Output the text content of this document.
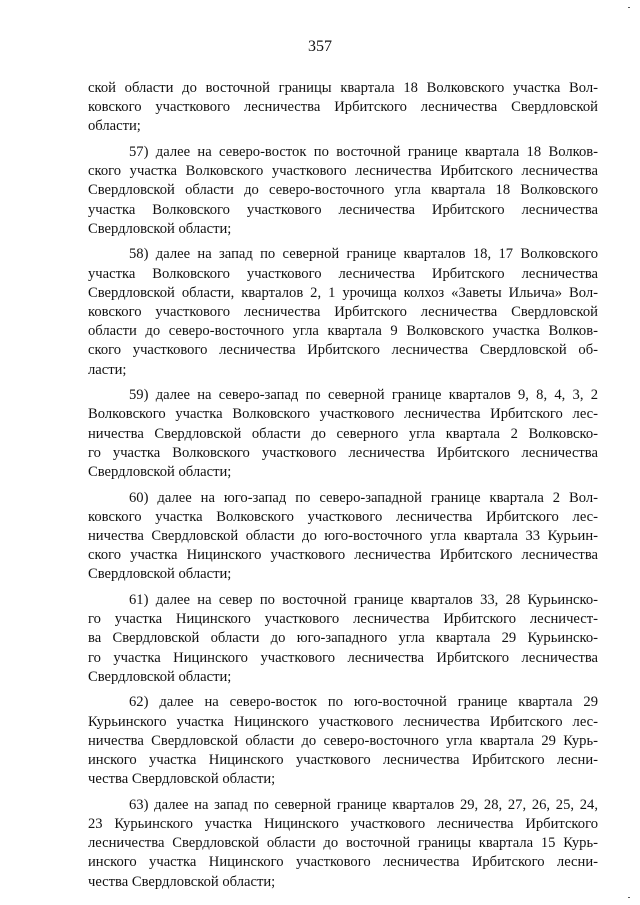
357
ской области до восточной границы квартала 18 Волковского участка Вол-
ковского участкового лесничества Ирбитского лесничества Свердловской
области;
57) далее на северо-восток по восточной границе квартала 18 Волков-
ского участка Волковского участкового лесничества Ирбитского лесничества
Свердловской области до северо-восточного угла квартала 18 Волковского
участка Волковского участкового лесничества Ирбитского лесничества
Свердловской области;
58) далее на запад по северной границе кварталов 18, 17 Волковского
участка Волковского участкового лесничества Ирбитского лесничества
Свердловской области, кварталов 2, 1 урочища колхоз «Заветы Ильича» Вол-
ковского участкового лесничества Ирбитского лесничества Свердловской
области до северо-восточного угла квартала 9 Волковского участка Волков-
ского участкового лесничества Ирбитского лесничества Свердловской об-
ласти;
59) далее на северо-запад по северной границе кварталов 9, 8, 4, 3, 2
Волковского участка Волковского участкового лесничества Ирбитского лес-
ничества Свердловской области до северного угла квартала 2 Волковско-
го участка Волковского участкового лесничества Ирбитского лесничества
Свердловской области;
60) далее на юго-запад по северо-западной границе квартала 2 Вол-
ковского участка Волковского участкового лесничества Ирбитского лес-
ничества Свердловской области до юго-восточного угла квартала 33 Курьин-
ского участка Ницинского участкового лесничества Ирбитского лесничества
Свердловской области;
61) далее на север по восточной границе кварталов 33, 28 Курьинско-
го участка Ницинского участкового лесничества Ирбитского лесничест-
ва Свердловской области до юго-западного угла квартала 29 Курьинско-
го участка Ницинского участкового лесничества Ирбитского лесничества
Свердловской области;
62) далее на северо-восток по юго-восточной границе квартала 29
Курьинского участка Ницинского участкового лесничества Ирбитского лес-
ничества Свердловской области до северо-восточного угла квартала 29 Курь-
инского участка Ницинского участкового лесничества Ирбитского лесни-
чества Свердловской области;
63) далее на запад по северной границе кварталов 29, 28, 27, 26, 25, 24,
23 Курьинского участка Ницинского участкового лесничества Ирбитского
лесничества Свердловской области до восточной границы квартала 15 Курь-
инского участка Ницинского участкового лесничества Ирбитского лесни-
чества Свердловской области;
